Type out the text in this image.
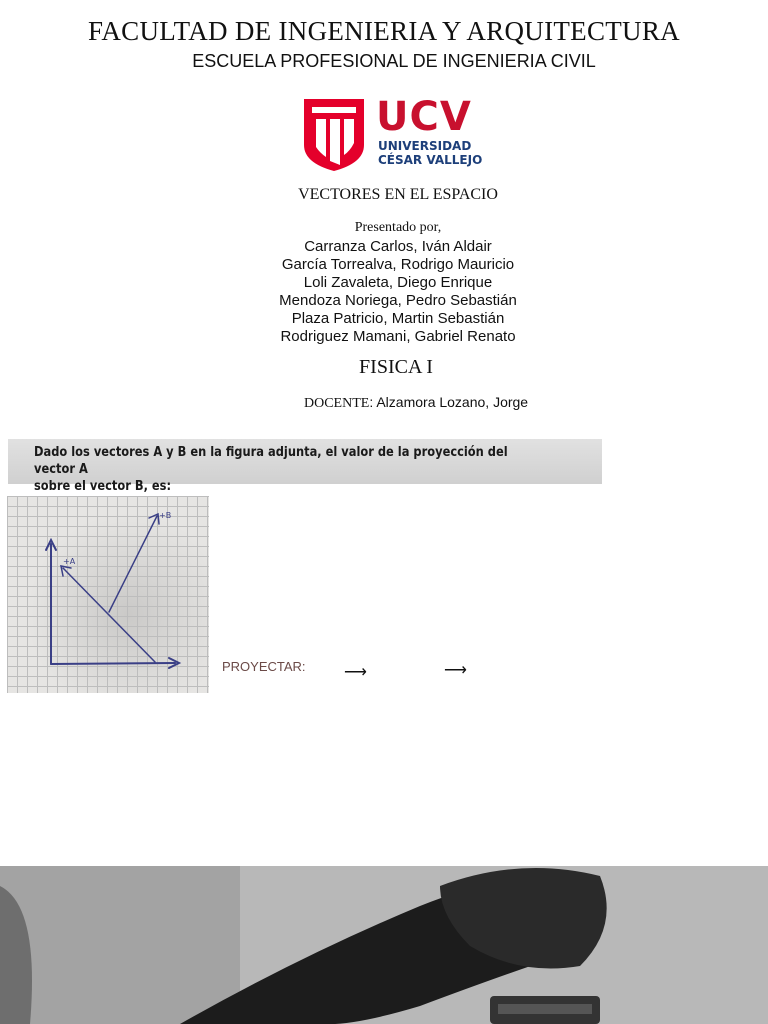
FACULTAD DE INGENIERIA Y ARQUITECTURA
ESCUELA PROFESIONAL DE INGENIERIA CIVIL
UCV
UNIVERSIDAD
CÉSAR VALLEJO
VECTORES EN EL ESPACIO
Presentado por,
Carranza Carlos, Iván Aldair
García Torrealva, Rodrigo Mauricio
Loli Zavaleta, Diego Enrique
Mendoza Noriega, Pedro Sebastián
Plaza Patricio, Martin Sebastián
Rodriguez Mamani, Gabriel Renato
FISICA I
DOCENTE: Alzamora Lozano, Jorge
Dado los vectores A y B en la figura adjunta, el valor de la proyección del vector A
sobre el vector B, es:
+A
+B
PROYECTAR: ⟶	⟶
